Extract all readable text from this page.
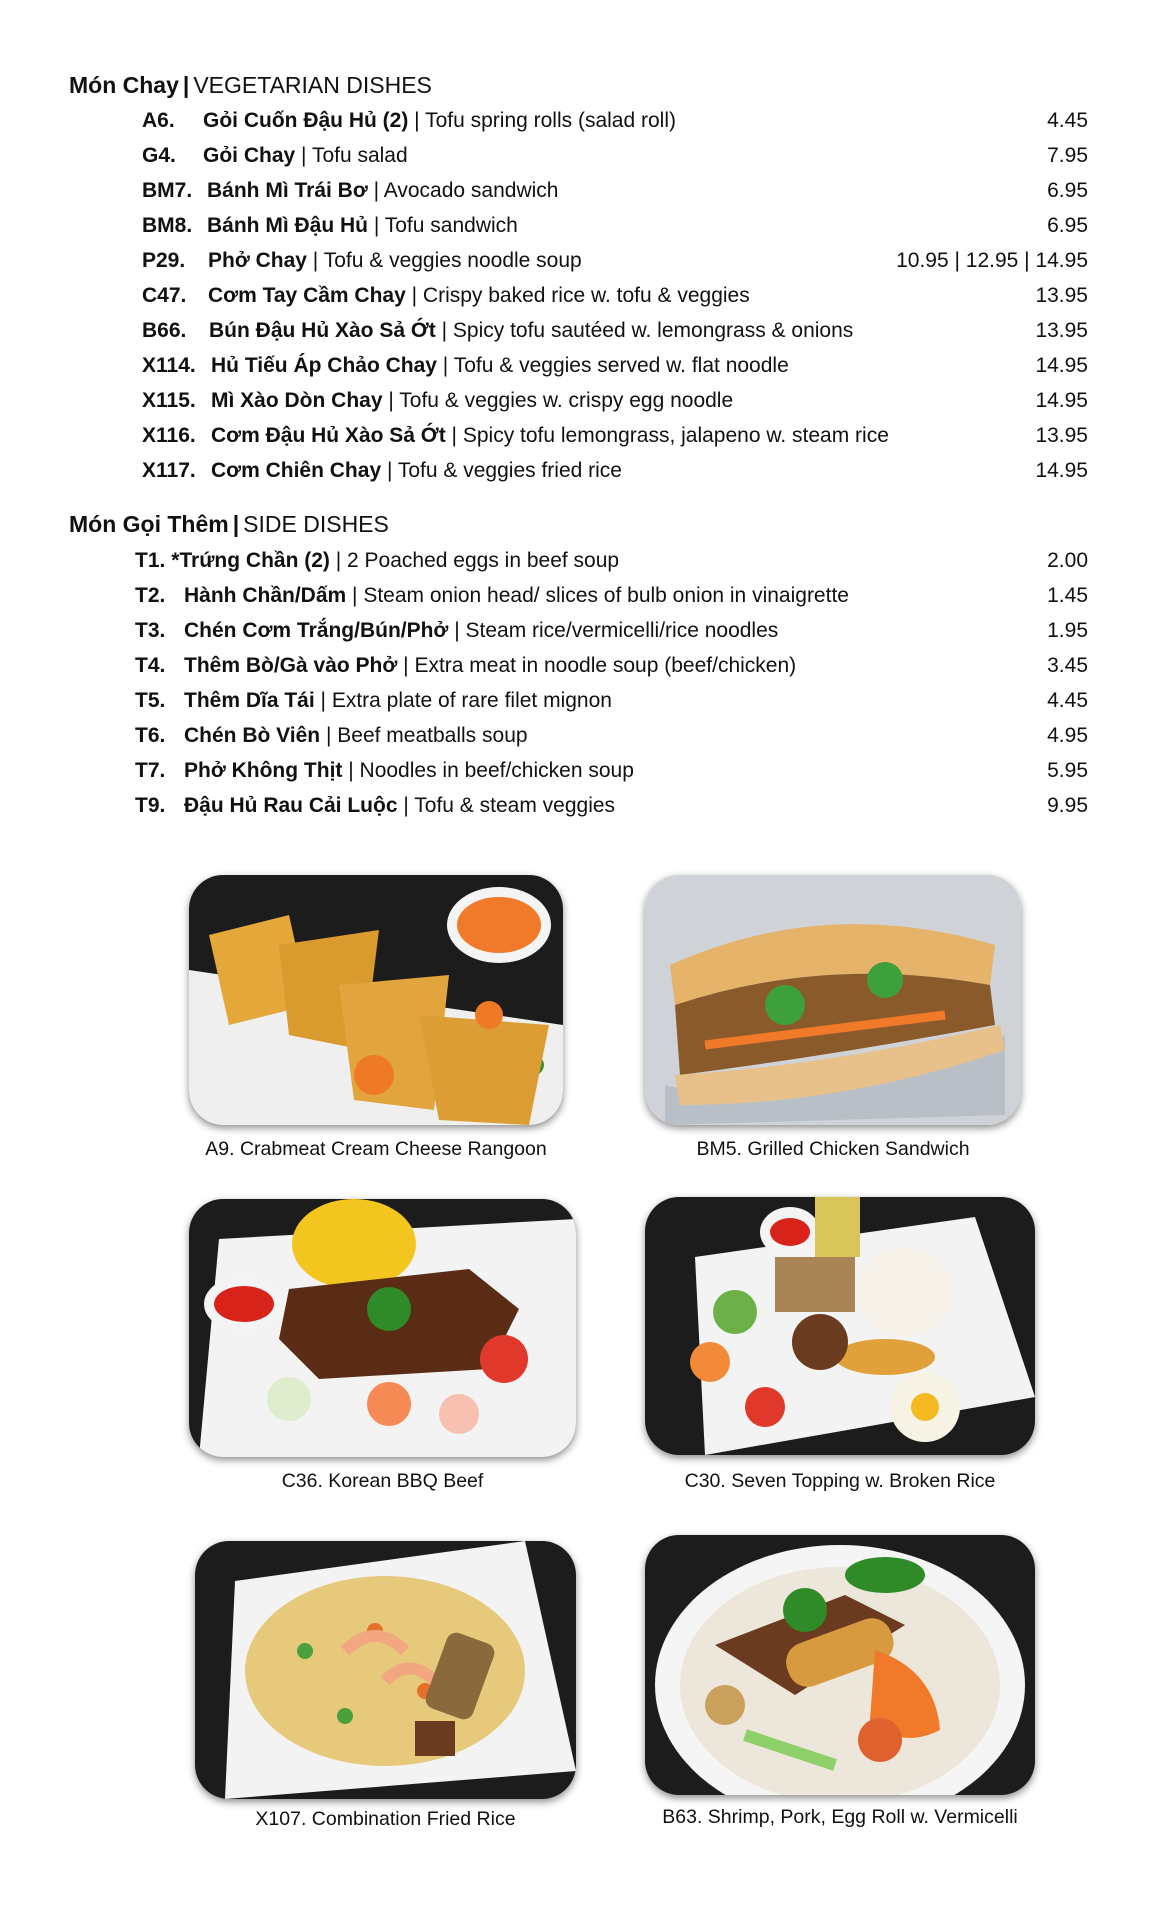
Món Chay | VEGETARIAN DISHES
A6. Gỏi Cuốn Đậu Hủ (2) | Tofu spring rolls (salad roll)	4.45
G4. Gỏi Chay | Tofu salad	7.95
BM7. Bánh Mì Trái Bơ | Avocado sandwich	6.95
BM8. Bánh Mì Đậu Hủ | Tofu sandwich	6.95
P29. Phở Chay | Tofu & veggies noodle soup	10.95 | 12.95 | 14.95
C47. Cơm Tay Cầm Chay | Crispy baked rice w. tofu & veggies	13.95
B66. Bún Đậu Hủ Xào Sả Ớt | Spicy tofu sautéed w. lemongrass & onions	13.95
X114. Hủ Tiếu Áp Chảo Chay | Tofu & veggies served w. flat noodle	14.95
X115. Mì Xào Dòn Chay | Tofu & veggies w. crispy egg noodle	14.95
X116. Cơm Đậu Hủ Xào Sả Ớt | Spicy tofu lemongrass, jalapeno w. steam rice	13.95
X117. Cơm Chiên Chay | Tofu & veggies fried rice	14.95
Món Gọi Thêm | SIDE DISHES
T1. *Trứng Chần (2) | 2 Poached eggs in beef soup	2.00
T2. Hành Chần/Dấm | Steam onion head/ slices of bulb onion in vinaigrette	1.45
T3. Chén Cơm Trắng/Bún/Phở | Steam rice/vermicelli/rice noodles	1.95
T4. Thêm Bò/Gà vào Phở | Extra meat in noodle soup (beef/chicken)	3.45
T5. Thêm Dĩa Tái | Extra plate of rare filet mignon	4.45
T6. Chén Bò Viên | Beef meatballs soup	4.95
T7. Phở Không Thịt | Noodles in beef/chicken soup	5.95
T9. Đậu Hủ Rau Cải Luộc | Tofu & steam veggies	9.95
A9. Crabmeat Cream Cheese Rangoon	BM5. Grilled Chicken Sandwich
C36. Korean BBQ Beef	C30. Seven Topping w. Broken Rice
X107. Combination Fried Rice	B63. Shrimp, Pork, Egg Roll w. Vermicelli
